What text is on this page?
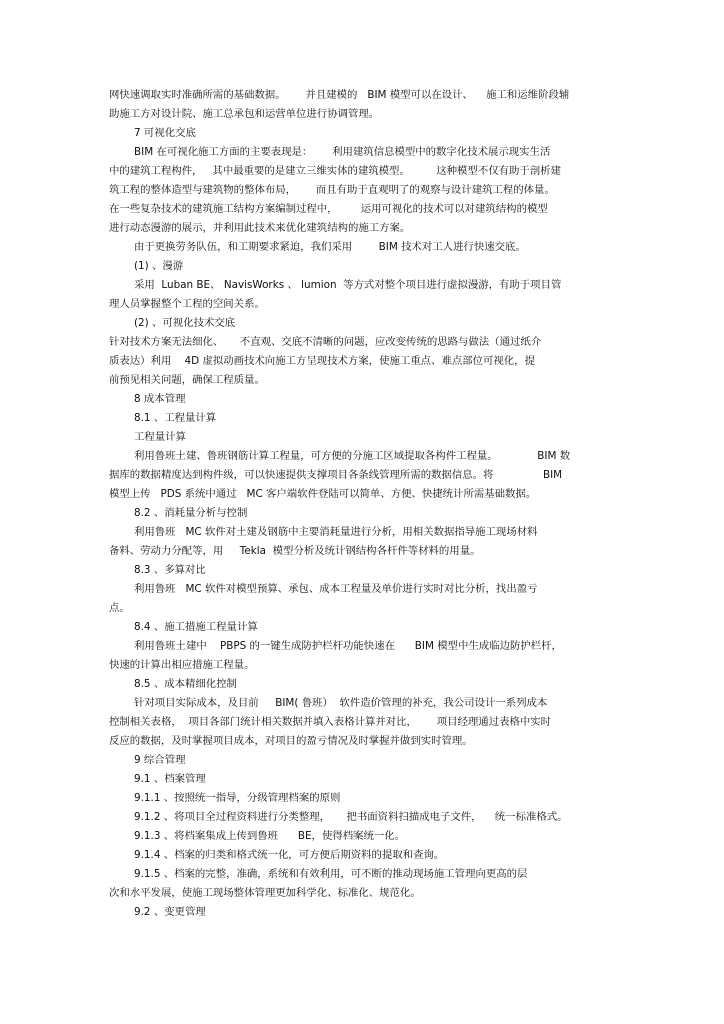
网快速调取实时准确所需的基础数据。      并且建模的   BIM 模型可以在设计、    施工和运维阶段辅
助施工方对设计院、施工总承包和运营单位进行协调管理。
7 可视化交底
BIM 在可视化施工方面的主要表现是：      利用建筑信息模型中的数字化技术展示现实生活
中的建筑工程构件，   其中最重要的是建立三维实体的建筑模型。        这种模型不仅有助于剖析建
筑工程的整体造型与建筑物的整体布局，      而且有助于直观明了的观察与设计建筑工程的体量。
在一些复杂技术的建筑施工结构方案编制过程中，       运用可视化的技术可以对建筑结构的模型
进行动态漫游的展示，并利用此技术来优化建筑结构的施工方案。
由于更换劳务队伍，和工期要求紧迫，我们采用        BIM 技术对工人进行快速交底。
(1) 、漫游
采用  Luban BE、 NavisWorks 、 lumion  等方式对整个项目进行虚拟漫游，有助于项目管
理人员掌握整个工程的空间关系。
(2) 、可视化技术交底
针对技术方案无法细化、     不直观、交底不清晰的问题，应改变传统的思路与做法（通过纸介
质表达）利用    4D 虚拟动画技术向施工方呈现技术方案，使施工重点、难点部位可视化，提
前预见相关问题，确保工程质量。
8 成本管理
8.1 、工程量计算
工程量计算
利用鲁班土建、鲁班钢筋计算工程量，可方便的分施工区域提取各构件工程量。            BIM 数
据库的数据精度达到构件级，可以快速提供支撑项目各条线管理所需的数据信息。将               BIM
模型上传   PDS 系统中通过   MC 客户端软件登陆可以简单、方便、快捷统计所需基础数据。
8.2 、消耗量分析与控制
利用鲁班   MC 软件对土建及钢筋中主要消耗量进行分析，用相关数据指导施工现场材料
备料、劳动力分配等，用     Tekla  模型分析及统计钢结构各杆件等材料的用量。
8.3 、多算对比
利用鲁班   MC 软件对模型预算、承包、成本工程量及单价进行实时对比分析，找出盈亏
点。
8.4 、施工措施工程量计算
利用鲁班土建中    PBPS 的一键生成防护栏杆功能快速在      BIM 模型中生成临边防护栏杆，
快速的计算出相应措施工程量。
8.5 、成本精细化控制
针对项目实际成本，及目前     BIM( 鲁班）  软件造价管理的补充，我公司设计一系列成本
控制相关表格，  项目各部门统计相关数据并填入表格计算并对比，      项目经理通过表格中实时
反应的数据，及时掌握项目成本，对项目的盈亏情况及时掌握并做到实时管理。
9 综合管理
9.1 、档案管理
9.1.1 、按照统一指导，分级管理档案的原则
9.1.2 、将项目全过程资料进行分类整理，     把书面资料扫描成电子文件，    统一标准格式。
9.1.3 、将档案集成上传到鲁班      BE，使得档案统一化。
9.1.4 、档案的归类和格式统一化，可方便后期资料的提取和查询。
9.1.5 、档案的完整，准确，系统和有效利用，可不断的推动现场施工管理向更高的层
次和水平发展，使施工现场整体管理更加科学化、标准化、规范化。
9.2 、变更管理
